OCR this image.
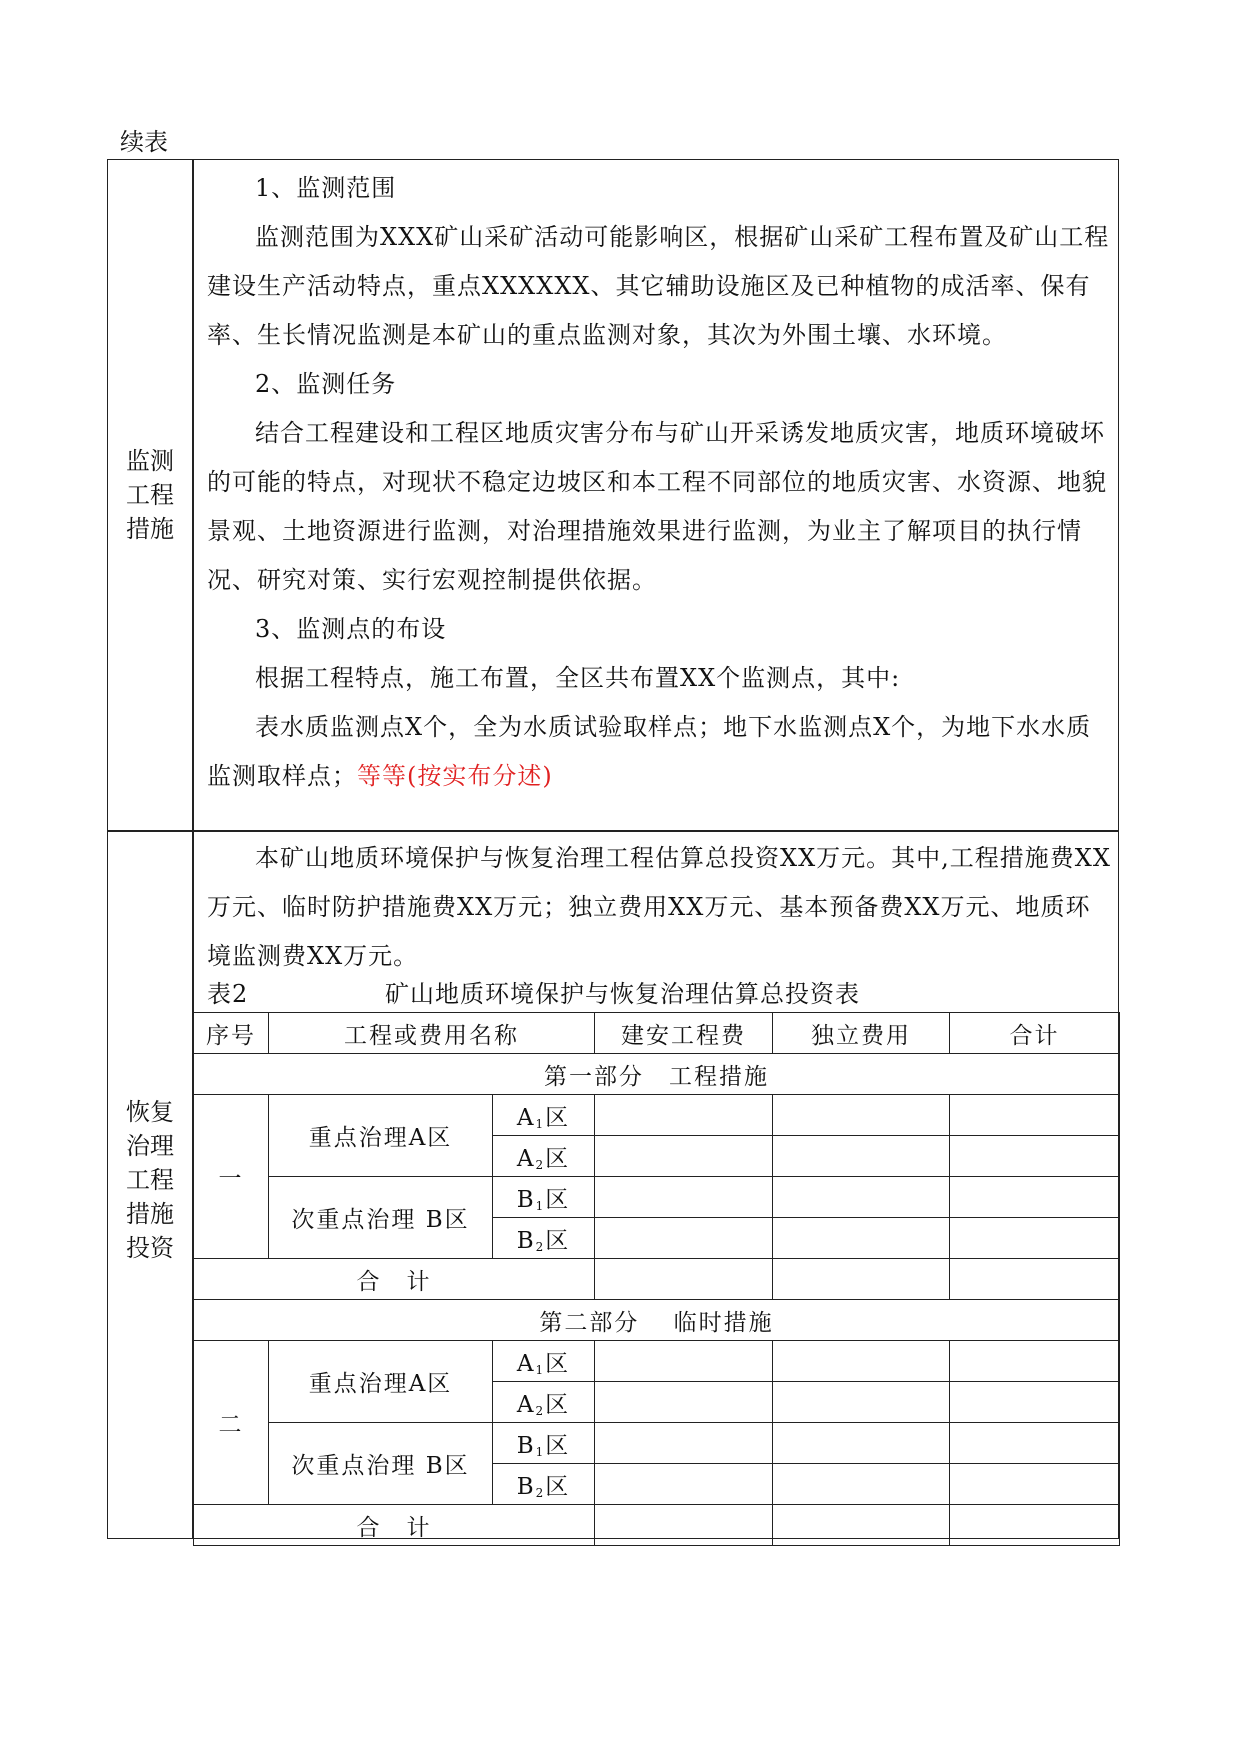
续表
监测
工程
措施
1、监测范围
监测范围为XXX矿山采矿活动可能影响区，根据矿山采矿工程布置及矿山工程建设生产活动特点，重点XXXXXX、其它辅助设施区及已种植物的成活率、保有率、生长情况监测是本矿山的重点监测对象，其次为外围土壤、水环境。
2、监测任务
结合工程建设和工程区地质灾害分布与矿山开采诱发地质灾害，地质环境破坏的可能的特点，对现状不稳定边坡区和本工程不同部位的地质灾害、水资源、地貌景观、土地资源进行监测，对治理措施效果进行监测，为业主了解项目的执行情况、研究对策、实行宏观控制提供依据。
3、监测点的布设
根据工程特点，施工布置，全区共布置XX个监测点，其中:
表水质监测点X个，全为水质试验取样点；地下水监测点X个，为地下水水质监测取样点；等等(按实布分述)
恢复
治理
工程
措施
投资
本矿山地质环境保护与恢复治理工程估算总投资XX万元。其中,工程措施费XX万元、临时防护措施费XX万元；独立费用XX万元、基本预备费XX万元、地质环境监测费XX万元。
表2	矿山地质环境保护与恢复治理估算总投资表
序号	工程或费用名称		建安工程费	独立费用	合计
第一部分　工程措施					
一	重点治理A区	$A_1$区			
		$A_2$区			
	次重点治理 B区	$B_1$区			
		$B_2$区			
合　计					
第二部分　 临时措施					
二	重点治理A区	$A_1$区			
		$A_2$区			
	次重点治理 B区	$B_1$区			
		$B_2$区			
合　计					
